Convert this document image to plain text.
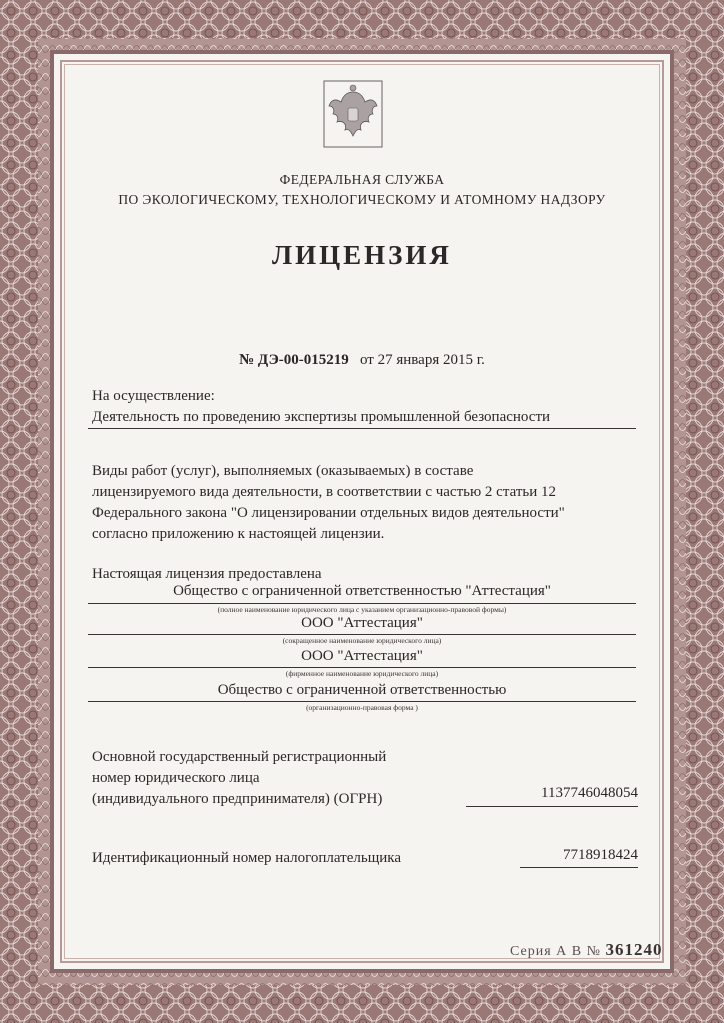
ФЕДЕРАЛЬНАЯ СЛУЖБА
ПО ЭКОЛОГИЧЕСКОМУ, ТЕХНОЛОГИЧЕСКОМУ И АТОМНОМУ НАДЗОРУ
ЛИЦЕНЗИЯ
№ ДЭ-00-015219 от 27 января 2015 г.
На осуществление:
Деятельность по проведению экспертизы промышленной безопасности
Виды работ (услуг), выполняемых (оказываемых) в составе
лицензируемого вида деятельности, в соответствии с частью 2 статьи 12
Федерального закона "О лицензировании отдельных видов деятельности"
согласно приложению к настоящей лицензии.
Настоящая лицензия предоставлена
Общество с ограниченной ответственностью "Аттестация"
(полное наименование юридического лица с указанием организационно-правовой формы)
ООО "Аттестация"
(сокращенное наименование юридического лица)
ООО "Аттестация"
(фирменное наименование юридического лица)
Общество с ограниченной ответственностью
(организационно-правовая форма )
Основной государственный регистрационный
номер юридического лица
(индивидуального предпринимателя) (ОГРН)	1137746048054
Идентификационный номер налогоплательщика	7718918424
Серия А В № 361240
